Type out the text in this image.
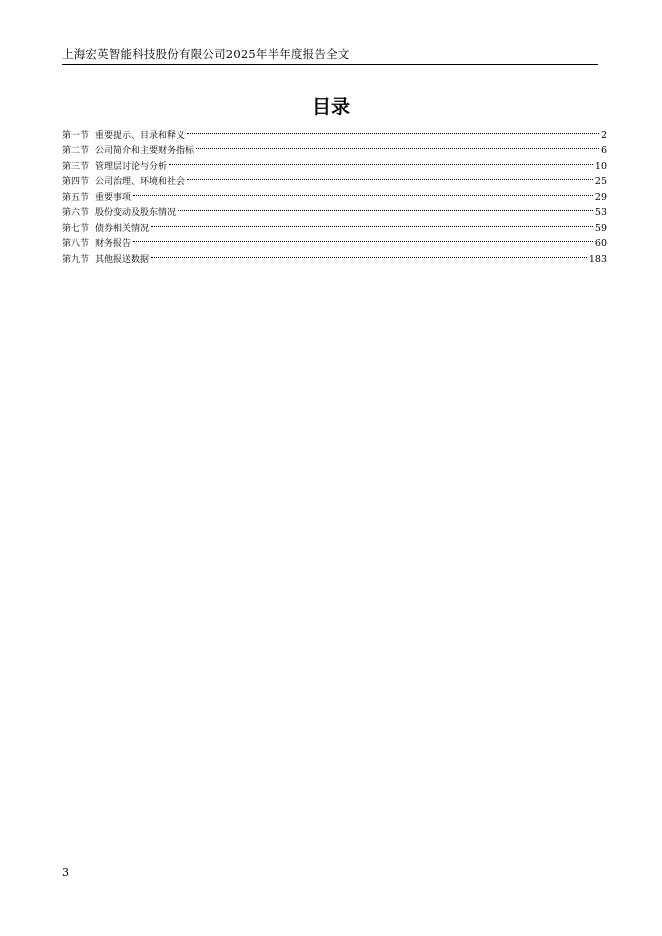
上海宏英智能科技股份有限公司2025年半年度报告全文
目录
第一节 重要提示、目录和释义	2
第二节 公司简介和主要财务指标	6
第三节 管理层讨论与分析	10
第四节 公司治理、环境和社会	25
第五节 重要事项	29
第六节 股份变动及股东情况	53
第七节 债券相关情况	59
第八节 财务报告	60
第九节 其他报送数据	183
3
